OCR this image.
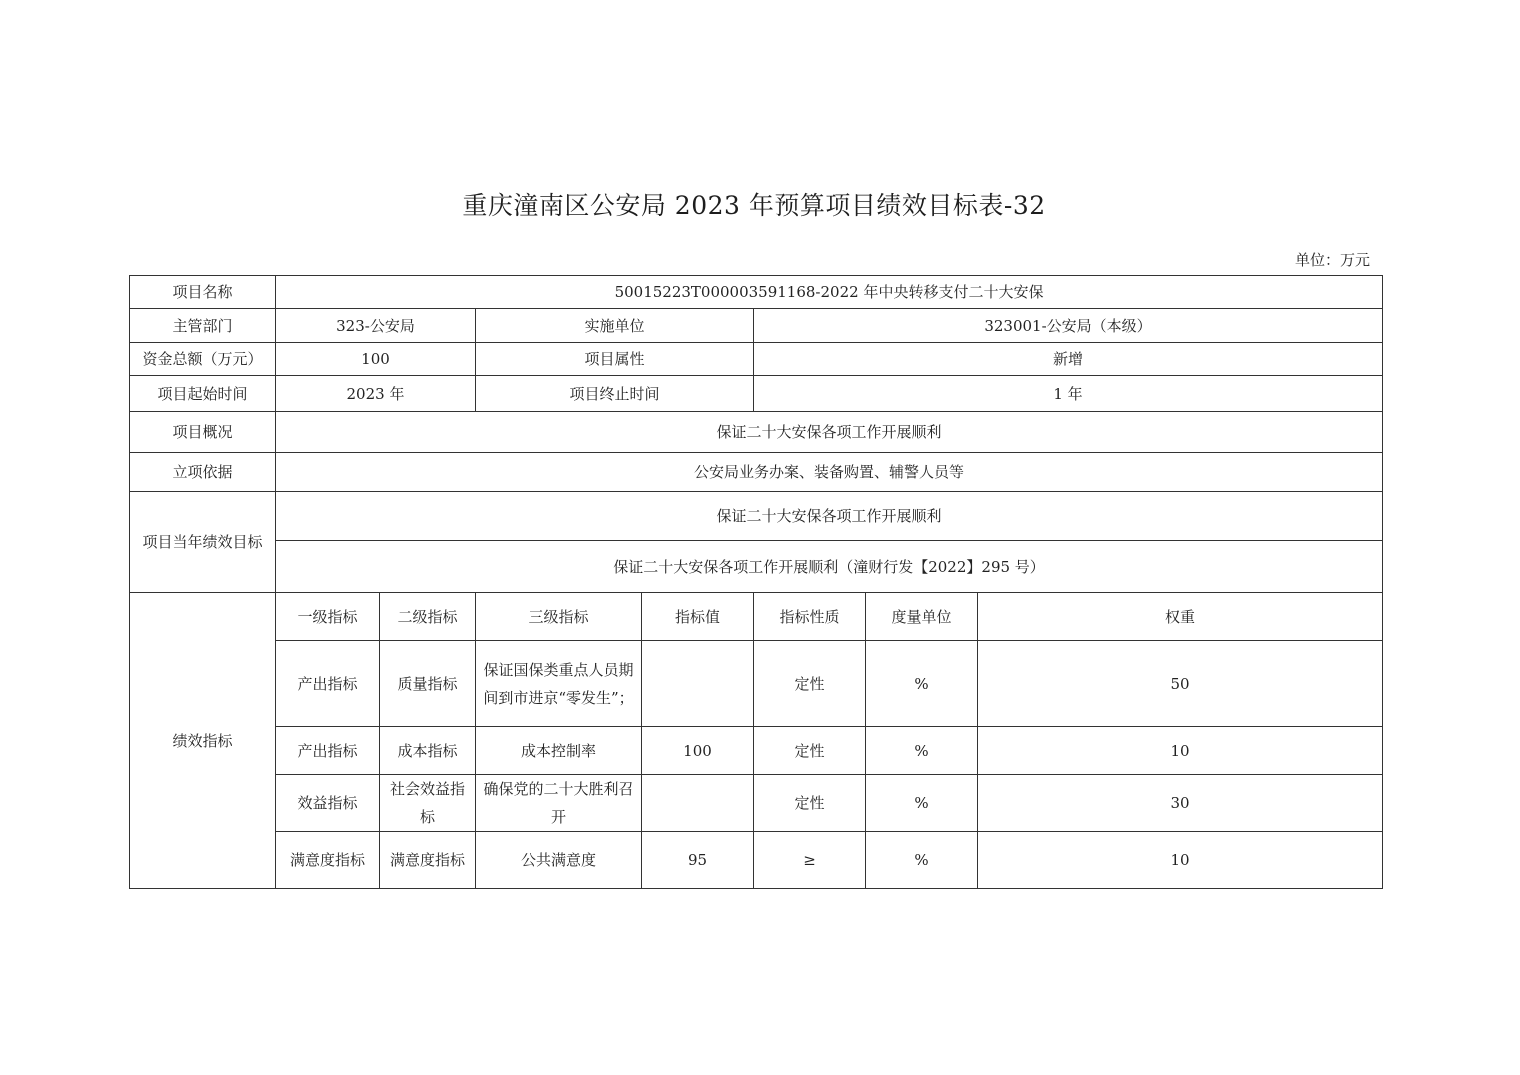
重庆潼南区公安局 2023 年预算项目绩效目标表-32
单位：万元
项目名称	50015223T000003591168-2022 年中央转移支付二十大安保						
主管部门	323-公安局		实施单位		323001-公安局（本级）		
资金总额（万元）	100		项目属性		新增		
项目起始时间	2023 年		项目终止时间		1 年		
项目概况	保证二十大安保各项工作开展顺利						
立项依据	公安局业务办案、装备购置、辅警人员等						
项目当年绩效目标	保证二十大安保各项工作开展顺利						
	保证二十大安保各项工作开展顺利（潼财行发【2022】295 号）						
绩效指标	一级指标	二级指标	三级指标	指标值	指标性质	度量单位	权重
	产出指标	质量指标	保证国保类重点人员期间到市进京“零发生”；		定性	%	50
	产出指标	成本指标	成本控制率	100	定性	%	10
	效益指标	社会效益指标	确保党的二十大胜利召 开		定性	%	30
	满意度指标	满意度指标	公共满意度	95	≥	%	10
